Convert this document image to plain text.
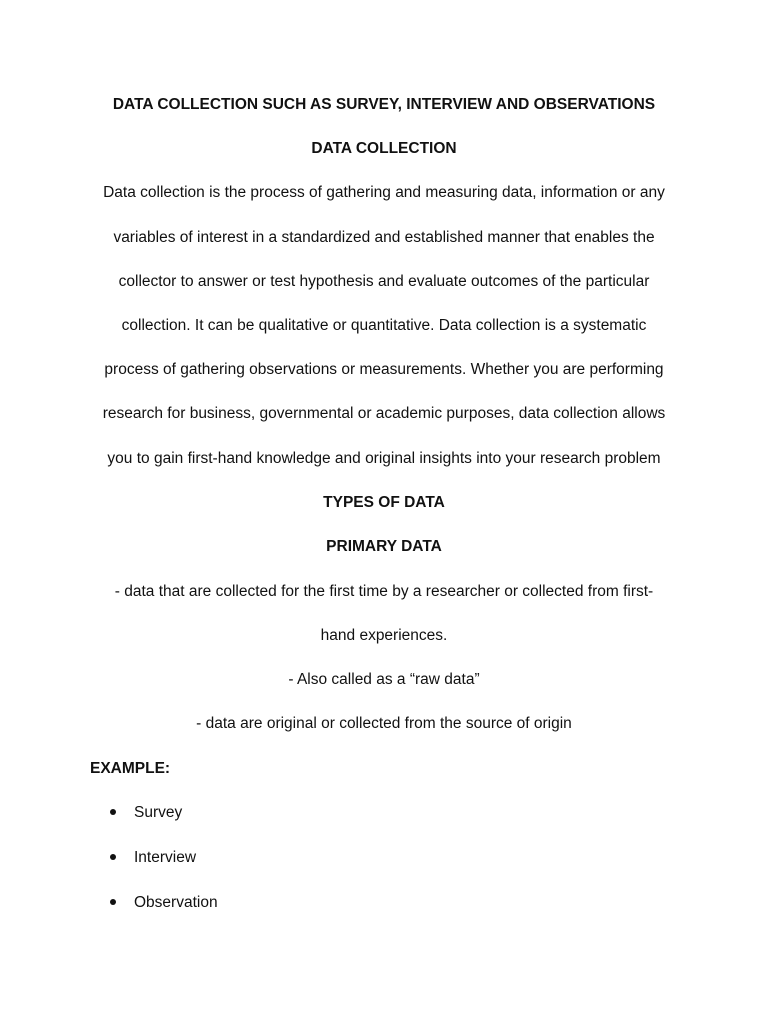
DATA COLLECTION SUCH AS SURVEY, INTERVIEW AND OBSERVATIONS
DATA COLLECTION
Data collection is the process of gathering and measuring data, information or any
variables of interest in a standardized and established manner that enables the
collector to answer or test hypothesis and evaluate outcomes of the particular
collection. It can be qualitative or quantitative. Data collection is a systematic
process of gathering observations or measurements. Whether you are performing
research for business, governmental or academic purposes, data collection allows
you to gain first-hand knowledge and original insights into your research problem
TYPES OF DATA
PRIMARY DATA
- data that are collected for the first time by a researcher or collected from first-
hand experiences.
- Also called as a “raw data”
- data are original or collected from the source of origin
EXAMPLE:
Survey
Interview
Observation
